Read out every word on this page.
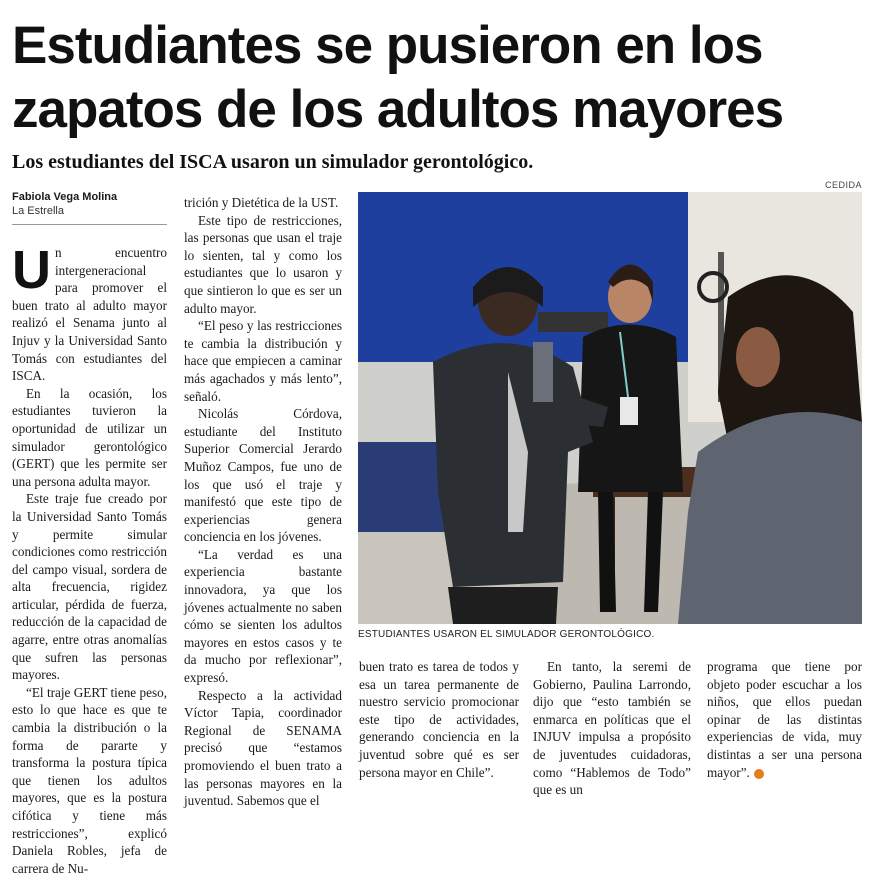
Estudiantes se pusieron en los zapatos de los adultos mayores
Los estudiantes del ISCA usaron un simulador gerontológico.
Fabiola Vega Molina
La Estrella

Un encuentro intergeneracional para promover el buen trato al adulto mayor realizó el Senama junto al Injuv y la Universidad Santo Tomás con estudiantes del ISCA.

En la ocasión, los estudiantes tuvieron la oportunidad de utilizar un simulador gerontológico (GERT) que les permite ser una persona adulta mayor.

Este traje fue creado por la Universidad Santo Tomás y permite simular condiciones como restricción del campo visual, sordera de alta frecuencia, rigidez articular, pérdida de fuerza, reducción de la capacidad de agarre, entre otras anomalías que sufren las personas mayores.

“El traje GERT tiene peso, esto lo que hace es que te cambia la distribución o la forma de pararte y transforma la postura típica que tienen los adultos mayores, que es la postura cifótica y tiene más restricciones”, explicó Daniela Robles, jefa de carrera de Nu-

trición y Dietética de la UST.

Este tipo de restricciones, las personas que usan el traje lo sienten, tal y como los estudiantes que lo usaron y que sintieron lo que es ser un adulto mayor.

“El peso y las restricciones te cambia la distribución y hace que empiecen a caminar más agachados y más lento”, señaló.

Nicolás Córdova, estudiante del Instituto Superior Comercial Jerardo Muñoz Campos, fue uno de los que usó el traje y manifestó que este tipo de experiencias genera conciencia en los jóvenes.

“La verdad es una experiencia bastante innovadora, ya que los jóvenes actualmente no saben cómo se sienten los adultos mayores en estos casos y te da mucho por reflexionar”, expresó.

Respecto a la actividad Víctor Tapia, coordinador Regional de SENAMA precisó que “estamos promoviendo el buen trato a las personas mayores en la juventud. Sabemos que el

CEDIDA
ESTUDIANTES USARON EL SIMULADOR GERONTOLÓGICO.

buen trato es tarea de todos y esa un tarea permanente de nuestro servicio promocionar este tipo de actividades, generando conciencia en la juventud sobre qué es ser persona mayor en Chile”.

En tanto, la seremi de Gobierno, Paulina Larrondo, dijo que “esto también se enmarca en políticas que el INJUV impulsa a propósito de juventudes cuidadoras, como “Hablemos de Todo” que es un

programa que tiene por objeto poder escuchar a los niños, que ellos puedan opinar de las distintas experiencias de vida, muy distintas a ser una persona mayor”.
